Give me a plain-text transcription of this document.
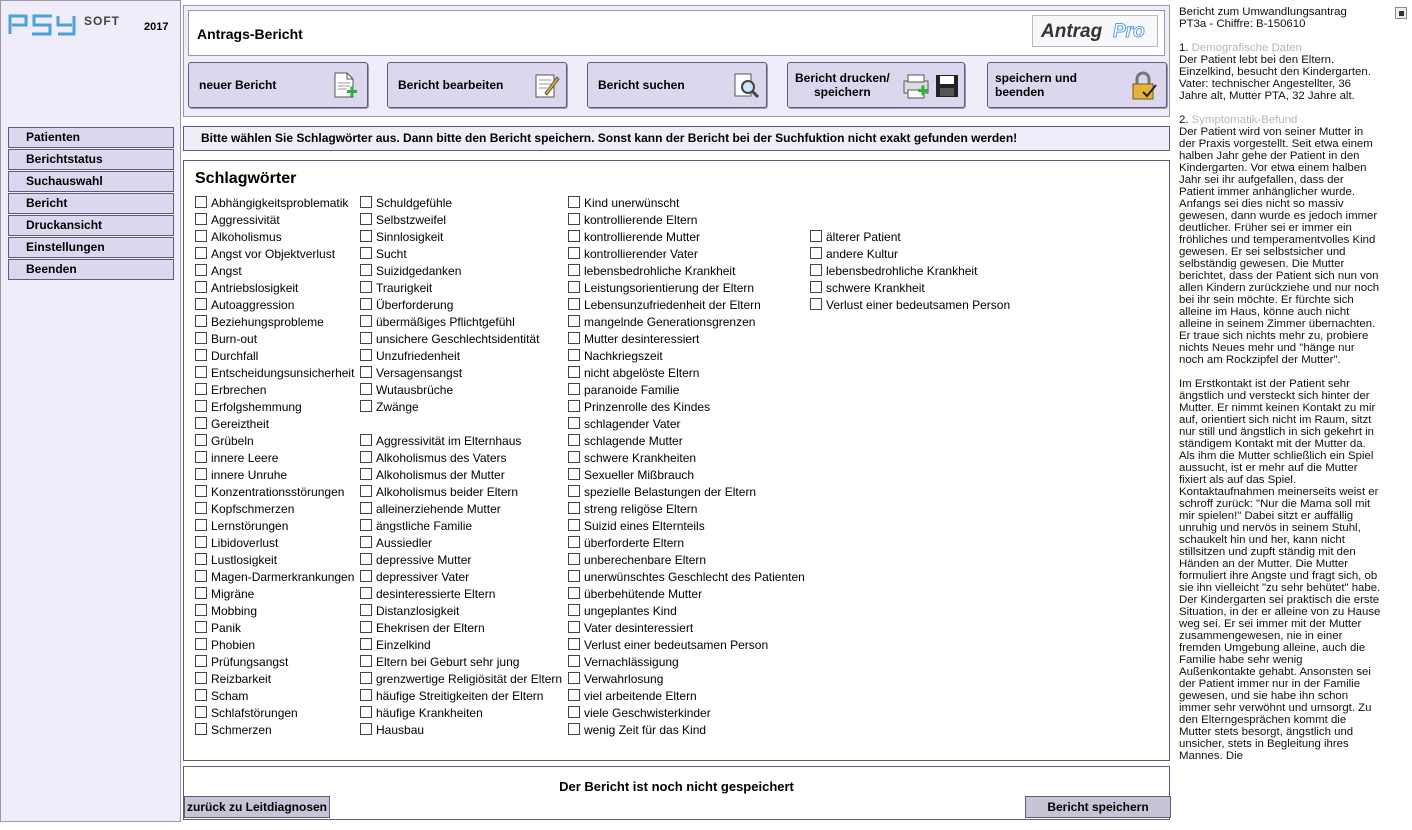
SOFT 2017
Patienten
Berichtstatus
Suchauswahl
Bericht
Druckansicht
Einstellungen
Beenden
Antrags-Bericht	Antrag Pro
neuer Bericht	Bericht bearbeiten	Bericht suchen	Bericht drucken/
speichern
speichern und
beenden
Bitte wählen Sie Schlagwörter aus. Dann bitte den Bericht speichern. Sonst kann der Bericht bei der Suchfuktion nicht exakt gefunden werden!
Schlagwörter
Abhängigkeitsproblematik
Aggressivität
Alkoholismus
Angst vor Objektverlust
Angst
Antriebslosigkeit
Autoaggression
Beziehungsprobleme
Burn-out
Durchfall
Entscheidungsunsicherheit
Erbrechen
Erfolgshemmung
Gereiztheit
Grübeln
innere Leere
innere Unruhe
Konzentrationsstörungen
Kopfschmerzen
Lernstörungen
Libidoverlust
Lustlosigkeit
Magen-Darmerkrankungen
Migräne
Mobbing
Panik
Phobien
Prüfungsangst
Reizbarkeit
Scham
Schlafstörungen
Schmerzen
Schuldgefühle
Selbstzweifel
Sinnlosigkeit
Sucht
Suizidgedanken
Traurigkeit
Überforderung
übermäßiges Pflichtgefühl
unsichere Geschlechtsidentität
Unzufriedenheit
Versagensangst
Wutausbrüche
Zwänge
Aggressivität im Elternhaus
Alkoholismus des Vaters
Alkoholismus der Mutter
Alkoholismus beider Eltern
alleinerziehende Mutter
ängstliche Familie
Aussiedler
depressive Mutter
depressiver Vater
desinteressierte Eltern
Distanzlosigkeit
Ehekrisen der Eltern
Einzelkind
Eltern bei Geburt sehr jung
grenzwertige Religiösität der Eltern
häufige Streitigkeiten der Eltern
häufige Krankheiten
Hausbau
Kind unerwünscht
kontrollierende Eltern
kontrollierende Mutter
kontrollierender Vater
lebensbedrohliche Krankheit
Leistungsorientierung der Eltern
Lebensunzufriedenheit der Eltern
mangelnde Generationsgrenzen
Mutter desinteressiert
Nachkriegszeit
nicht abgelöste Eltern
paranoide Familie
Prinzenrolle des Kindes
schlagender Vater
schlagende Mutter
schwere Krankheiten
Sexueller Mißbrauch
spezielle Belastungen der Eltern
streng religöse Eltern
Suizid eines Elternteils
überforderte Eltern
unberechenbare Eltern
unerwünschtes Geschlecht des Patienten
überbehütende Mutter
ungeplantes Kind
Vater desinteressiert
Verlust einer bedeutsamen Person
Vernachlässigung
Verwahrlosung
viel arbeitende Eltern
viele Geschwisterkinder
wenig Zeit für das Kind
älterer Patient
andere Kultur
lebensbedrohliche Krankheit
schwere Krankheit
Verlust einer bedeutsamen Person
Der Bericht ist noch nicht gespeichert
zurück zu Leitdiagnosen	Bericht speichern

Bericht zum Umwandlungsantrag

PT3a - Chiffre: B-150610

1. Demografische Daten

Der Patient lebt bei den Eltern. Einzelkind, besucht den Kindergarten. Vater: technischer Angestellter, 36 Jahre alt, Mutter PTA, 32 Jahre alt.

2. Symptomatik-Befund

Der Patient wird von seiner Mutter in der Praxis vorgestellt. Seit etwa einem halben Jahr gehe der Patient in den Kindergarten. Vor etwa einem halben Jahr sei ihr aufgefallen, dass der Patient immer anhänglicher wurde. Anfangs sei dies nicht so massiv gewesen, dann wurde es jedoch immer deutlicher. Früher sei er immer ein fröhliches und temperamentvolles Kind gewesen. Er sei selbstsicher und selbständig gewesen. Die Mutter berichtet, dass der Patient sich nun von allen Kindern zurückziehe und nur noch bei ihr sein möchte. Er fürchte sich alleine im Haus, könne auch nicht alleine in seinem Zimmer übernachten. Er traue sich nichts mehr zu, probiere nichts Neues mehr und "hänge nur noch am Rockzipfel der Mutter".

Im Erstkontakt ist der Patient sehr ängstlich und versteckt sich hinter der Mutter. Er nimmt keinen Kontakt zu mir auf, orientiert sich nicht im Raum, sitzt nur still und ängstlich in sich gekehrt in ständigem Kontakt mit der Mutter da. Als ihm die Mutter schließlich ein Spiel aussucht, ist er mehr auf die Mutter fixiert als auf das Spiel. Kontaktaufnahmen meinerseits weist er schroff zurück: "Nur die Mama soll mit mir spielen!" Dabei sitzt er auffällig unruhig und nervös in seinem Stuhl, schaukelt hin und her, kann nicht stillsitzen und zupft ständig mit den Händen an der Mutter. Die Mutter formuliert ihre Angste und fragt sich, ob sie ihn vielleicht "zu sehr behütet" habe. Der Kindergarten sei praktisch die erste Situation, in der er alleine von zu Hause weg sei. Er sei immer mit der Mutter zusammengewesen, nie in einer fremden Umgebung alleine, auch die Familie habe sehr wenig Außenkontakte gehabt. Ansonsten sei der Patient immer nur in der Familie gewesen, und sie habe ihn schon immer sehr verwöhnt und umsorgt. Zu den Elterngesprächen kommt die Mutter stets besorgt, ängstlich und unsicher, stets in Begleitung ihres Mannes. Die
